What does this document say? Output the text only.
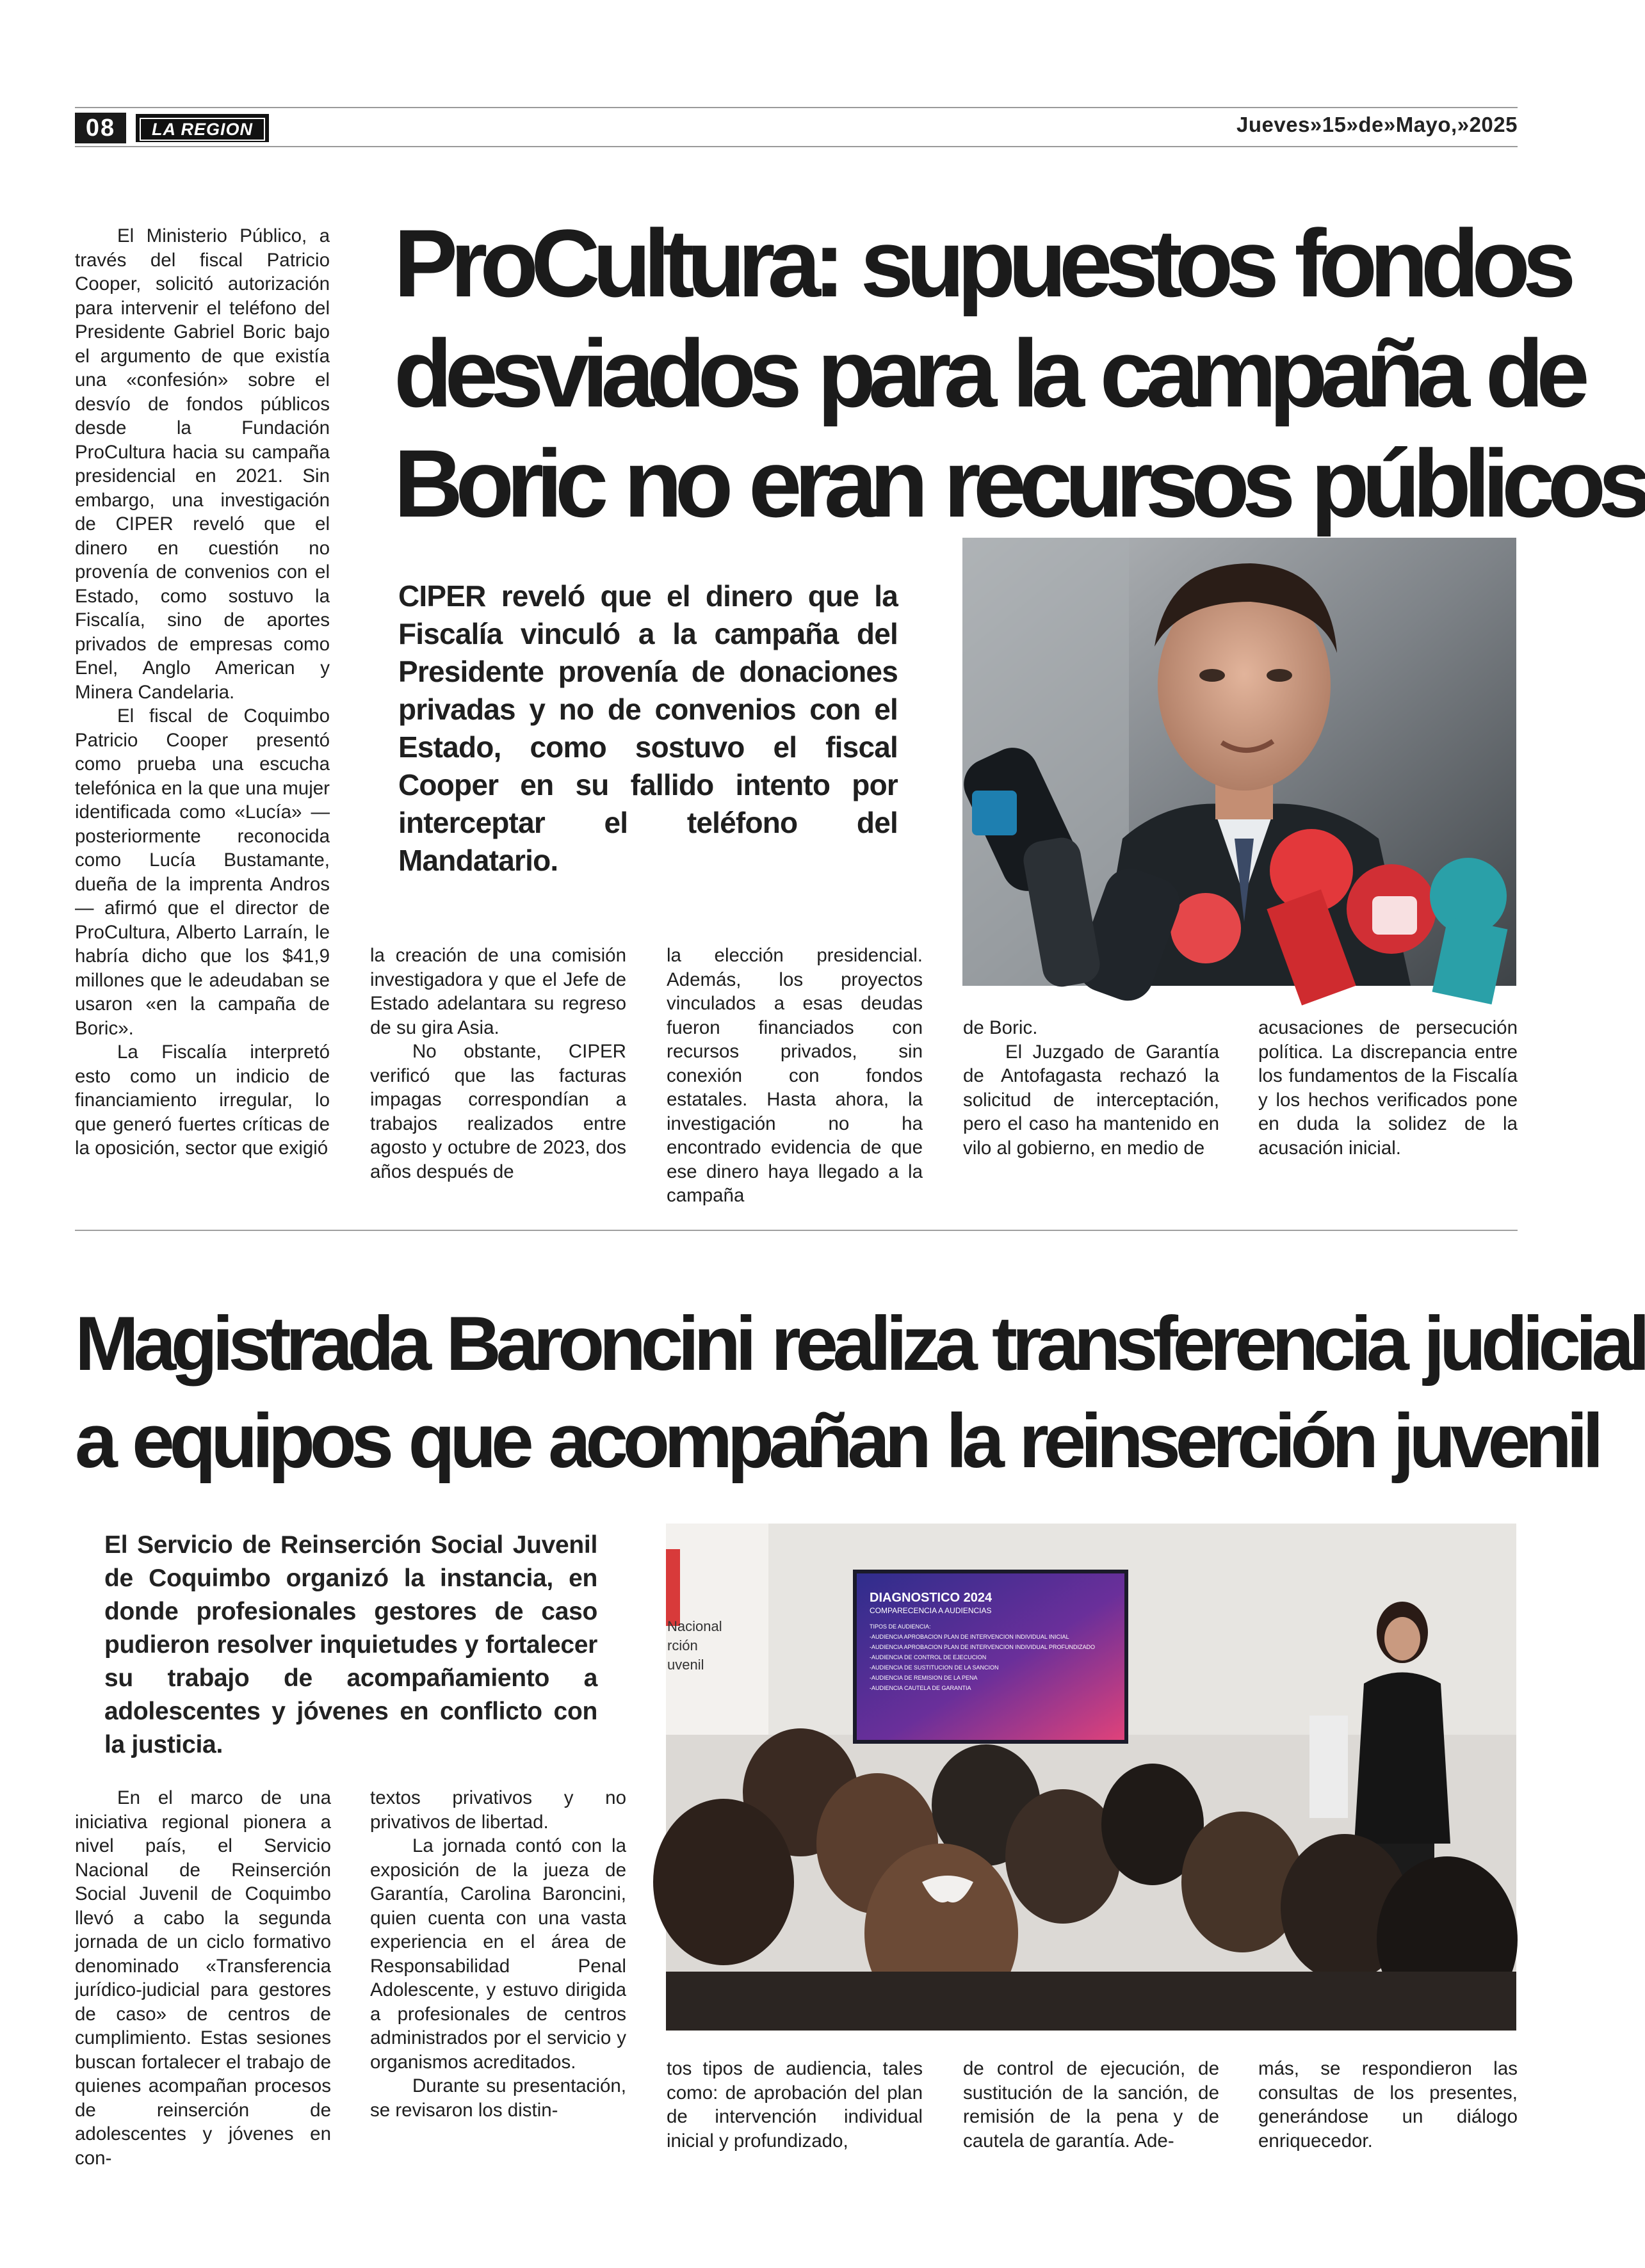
08	LA REGION	Jueves»15»de»Mayo,»2025
ProCultura: supuestos fondos
desviados para la campaña de
Boric no eran recursos públicos

El Ministerio Público, a través del fiscal Patricio Cooper, solicitó autorización para intervenir el teléfono del Presidente Gabriel Boric bajo el argumento de que existía una «confesión» sobre el desvío de fondos públicos desde la Fundación ProCultura hacia su campaña presidencial en 2021. Sin embargo, una investigación de CIPER reveló que el dinero en cuestión no provenía de convenios con el Estado, como sostuvo la Fiscalía, sino de aportes privados de empresas como Enel, Anglo American y Minera Candelaria.

El fiscal de Coquimbo Patricio Cooper presentó como prueba una escucha telefónica en la que una mujer identificada como «Lucía» —posteriormente reconocida como Lucía Bustamante, dueña de la imprenta Andros— afirmó que el director de ProCultura, Alberto Larraín, le habría dicho que los $41,9 millones que le adeudaban se usaron «en la campaña de Boric».

La Fiscalía interpretó esto como un indicio de financiamiento irregular, lo que generó fuertes críticas de la oposición, sector que exigió

CIPER reveló que el dinero que la Fiscalía vinculó a la campaña del Presidente provenía de donaciones privadas y no de convenios con el Estado, como sostuvo el fiscal Cooper en su fallido intento por interceptar el teléfono del Mandatario.

la creación de una comisión investigadora y que el Jefe de Estado adelantara su regreso de su gira Asia.

No obstante, CIPER verificó que las facturas impagas correspondían a trabajos realizados entre agosto y octubre de 2023, dos años después de

la elección presidencial. Además, los proyectos vinculados a esas deudas fueron financiados con recursos privados, sin conexión con fondos estatales. Hasta ahora, la investigación no ha encontrado evidencia de que ese dinero haya llegado a la campaña

de Boric.

El Juzgado de Garantía de Antofagasta rechazó la solicitud de interceptación, pero el caso ha mantenido en vilo al gobierno, en medio de

acusaciones de persecución política. La discrepancia entre los fundamentos de la Fiscalía y los hechos verificados pone en duda la solidez de la acusación inicial.

Magistrada Baroncini realiza transferencia judicial
a equipos que acompañan la reinserción juvenil
El Servicio de Reinserción Social Juvenil de Coquimbo organizó la instancia, en donde profesionales gestores de caso pudieron resolver inquietudes y fortalecer su trabajo de acompañamiento a adolescentes y jóvenes en conflicto con la justicia.
Nacional
rción
uvenil
DIAGNOSTICO 2024
COMPARECENCIA A AUDIENCIAS
TIPOS DE AUDIENCIA:
-AUDIENCIA APROBACION PLAN DE INTERVENCION INDIVIDUAL INICIAL
-AUDIENCIA APROBACION PLAN DE INTERVENCION INDIVIDUAL PROFUNDIZADO
-AUDIENCIA DE CONTROL DE EJECUCION
-AUDIENCIA DE SUSTITUCION DE LA SANCION
-AUDIENCIA DE REMISION DE LA PENA
-AUDIENCIA CAUTELA DE GARANTIA

En el marco de una iniciativa regional pionera a nivel país, el Servicio Nacional de Reinserción Social Juvenil de Coquimbo llevó a cabo la segunda jornada de un ciclo formativo denominado «Transferencia jurídico-judicial para gestores de caso» de centros de cumplimiento. Estas sesiones buscan fortalecer el trabajo de quienes acompañan procesos de reinserción de adolescentes y jóvenes en con-

textos privativos y no privativos de libertad.

La jornada contó con la exposición de la jueza de Garantía, Carolina Baroncini, quien cuenta con una vasta experiencia en el área de Responsabilidad Penal Adolescente, y estuvo dirigida a profesionales de centros administrados por el servicio y organismos acreditados.

Durante su presentación, se revisaron los distin-

tos tipos de audiencia, tales como: de aprobación del plan de intervención individual inicial y profundizado,

de control de ejecución, de sustitución de la sanción, de remisión de la pena y de cautela de garantía. Ade-

más, se respondieron las consultas de los presentes, generándose un diálogo enriquecedor.
